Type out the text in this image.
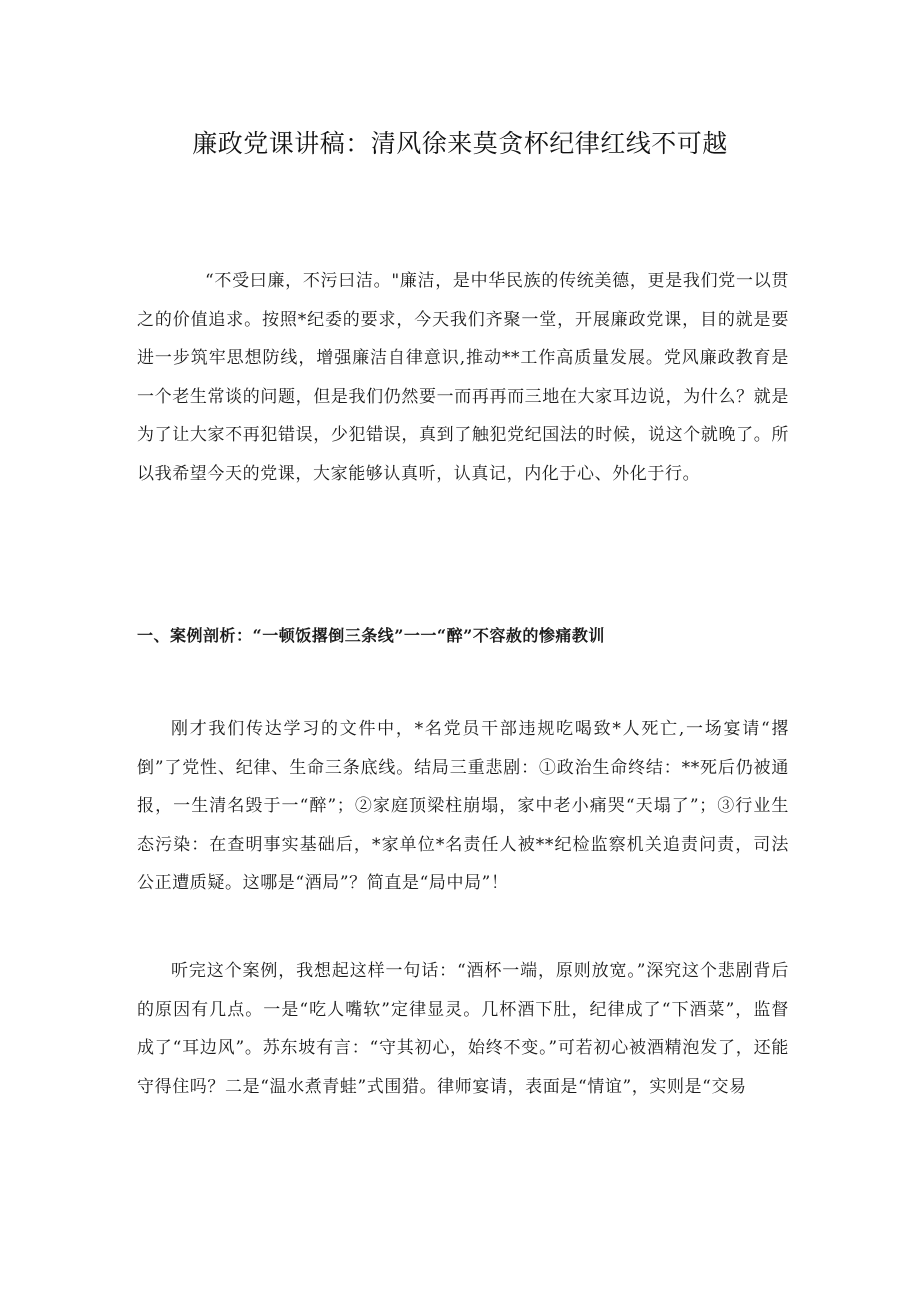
廉政党课讲稿：清风徐来莫贪杯纪律红线不可越

“不受曰廉，不污曰洁。"廉洁，是中华民族的传统美德，更是我们党一以贯之的价值追求。按照*纪委的要求，今天我们齐聚一堂，开展廉政党课，目的就是要进一步筑牢思想防线，增强廉洁自律意识,推动**工作高质量发展。党风廉政教育是一个老生常谈的问题，但是我们仍然要一而再再而三地在大家耳边说，为什么？就是为了让大家不再犯错误，少犯错误，真到了触犯党纪国法的时候，说这个就晚了。所以我希望今天的党课，大家能够认真听，认真记，内化于心、外化于行。

一、案例剖析：“一顿饭撂倒三条线”一一“醉”不容赦的惨痛教训

刚才我们传达学习的文件中，*名党员干部违规吃喝致*人死亡,一场宴请“撂倒”了党性、纪律、生命三条底线。结局三重悲剧：①政治生命终结：**死后仍被通报，一生清名毁于一“醉”；②家庭顶梁柱崩塌，家中老小痛哭“天塌了”；③行业生态污染：在查明事实基础后，*家单位*名责任人被**纪检监察机关追责问责，司法公正遭质疑。这哪是“酒局”？简直是“局中局”！

听完这个案例，我想起这样一句话：“酒杯一端，原则放宽。”深究这个悲剧背后的原因有几点。一是“吃人嘴软”定律显灵。几杯酒下肚，纪律成了“下酒菜”，监督成了“耳边风”。苏东坡有言：“守其初心，始终不变。”可若初心被酒精泡发了，还能守得住吗？二是“温水煮青蛙”式围猎。律师宴请，表面是“情谊”，实则是“交易
